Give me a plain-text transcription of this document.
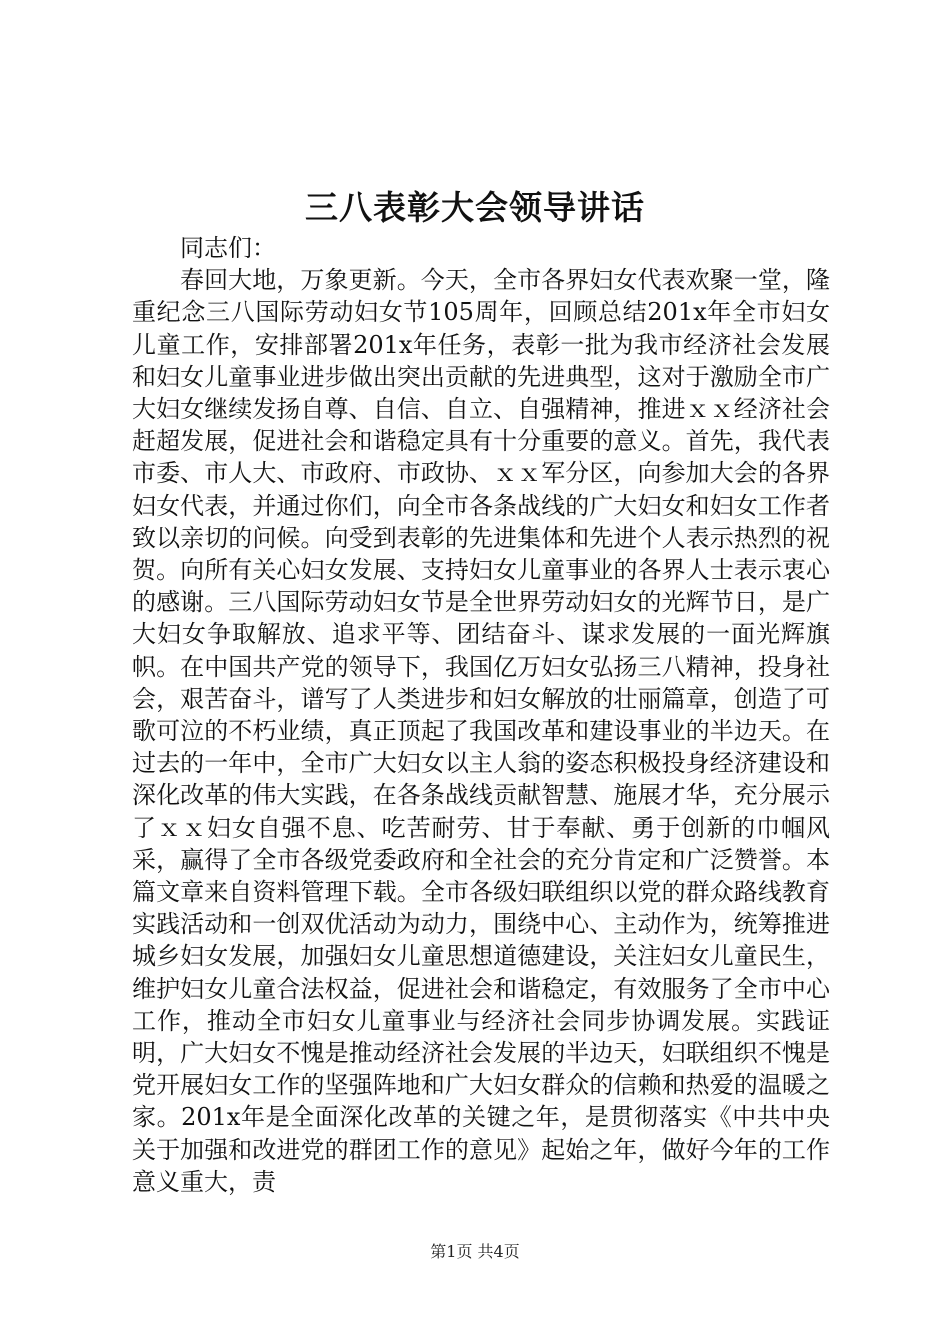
三八表彰大会领导讲话

同志们：

春回大地，万象更新。今天，全市各界妇女代表欢聚一堂，隆重纪念三八国际劳动妇女节105周年，回顾总结201x年全市妇女儿童工作，安排部署201x年任务，表彰一批为我市经济社会发展和妇女儿童事业进步做出突出贡献的先进典型，这对于激励全市广大妇女继续发扬自尊、自信、自立、自强精神，推进ｘｘ经济社会赶超发展，促进社会和谐稳定具有十分重要的意义。首先，我代表市委、市人大、市政府、市政协、ｘｘ军分区，向参加大会的各界妇女代表，并通过你们，向全市各条战线的广大妇女和妇女工作者致以亲切的问候。向受到表彰的先进集体和先进个人表示热烈的祝贺。向所有关心妇女发展、支持妇女儿童事业的各界人士表示衷心的感谢。三八国际劳动妇女节是全世界劳动妇女的光辉节日，是广大妇女争取解放、追求平等、团结奋斗、谋求发展的一面光辉旗帜。在中国共产党的领导下，我国亿万妇女弘扬三八精神，投身社会，艰苦奋斗，谱写了人类进步和妇女解放的壮丽篇章，创造了可歌可泣的不朽业绩，真正顶起了我国改革和建设事业的半边天。在过去的一年中，全市广大妇女以主人翁的姿态积极投身经济建设和深化改革的伟大实践，在各条战线贡献智慧、施展才华，充分展示了ｘｘ妇女自强不息、吃苦耐劳、甘于奉献、勇于创新的巾帼风采，赢得了全市各级党委政府和全社会的充分肯定和广泛赞誉。本篇文章来自资料管理下载。全市各级妇联组织以党的群众路线教育实践活动和一创双优活动为动力，围绕中心、主动作为，统筹推进城乡妇女发展，加强妇女儿童思想道德建设，关注妇女儿童民生，维护妇女儿童合法权益，促进社会和谐稳定，有效服务了全市中心工作，推动全市妇女儿童事业与经济社会同步协调发展。实践证明，广大妇女不愧是推动经济社会发展的半边天，妇联组织不愧是党开展妇女工作的坚强阵地和广大妇女群众的信赖和热爱的温暖之家。201x年是全面深化改革的关键之年，是贯彻落实《中共中央关于加强和改进党的群团工作的意见》起始之年，做好今年的工作意义重大，责

第1页 共4页
